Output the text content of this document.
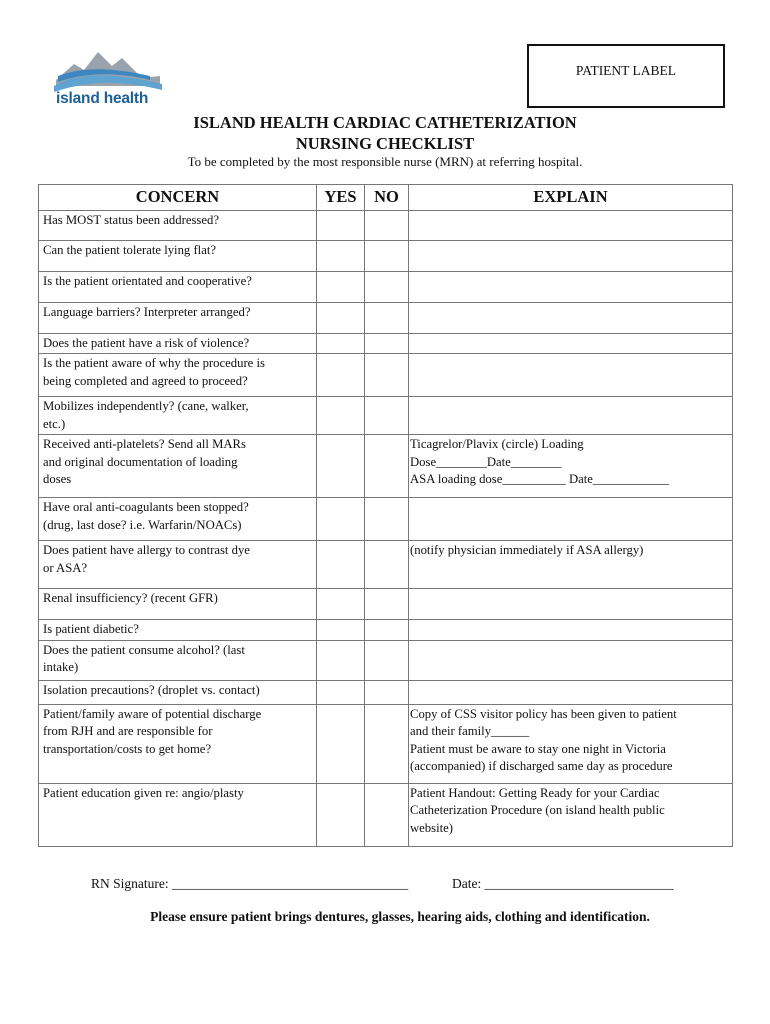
island health
PATIENT LABEL
ISLAND HEALTH CARDIAC CATHETERIZATION
NURSING CHECKLIST
To be completed by the most responsible nurse (MRN) at referring hospital.
CONCERN	YES	NO	EXPLAIN

Has MOST status been addressed?			

Can the patient tolerate lying flat?			

Is the patient orientated and cooperative?			

Language barriers? Interpreter arranged?			

Does the patient have a risk of violence?			

Is the patient aware of why the procedure is
being completed and agreed to proceed?			

Mobilizes independently? (cane, walker,
etc.)			

Received anti-platelets? Send all MARs
and original documentation of loading
doses			Ticagrelor/Plavix (circle) Loading
Dose________Date________
ASA loading dose__________ Date____________

Have oral anti-coagulants been stopped?
(drug, last dose? i.e. Warfarin/NOACs)			

Does patient have allergy to contrast dye
or ASA?			(notify physician immediately if ASA allergy)

Renal insufficiency? (recent GFR)			

Is patient diabetic?			

Does the patient consume alcohol? (last
intake)			

Isolation precautions? (droplet vs. contact)			

Patient/family aware of potential discharge
from RJH and are responsible for
transportation/costs to get home?			Copy of CSS visitor policy has been given to patient
and their family______
Patient must be aware to stay one night in Victoria
(accompanied) if discharged same day as procedure

Patient education given re: angio/plasty			Patient Handout: Getting Ready for your Cardiac
Catheterization Procedure (on island health public
website)
RN Signature: ___________________________________	Date: ____________________________
Please ensure patient brings dentures, glasses, hearing aids, clothing and identification.
